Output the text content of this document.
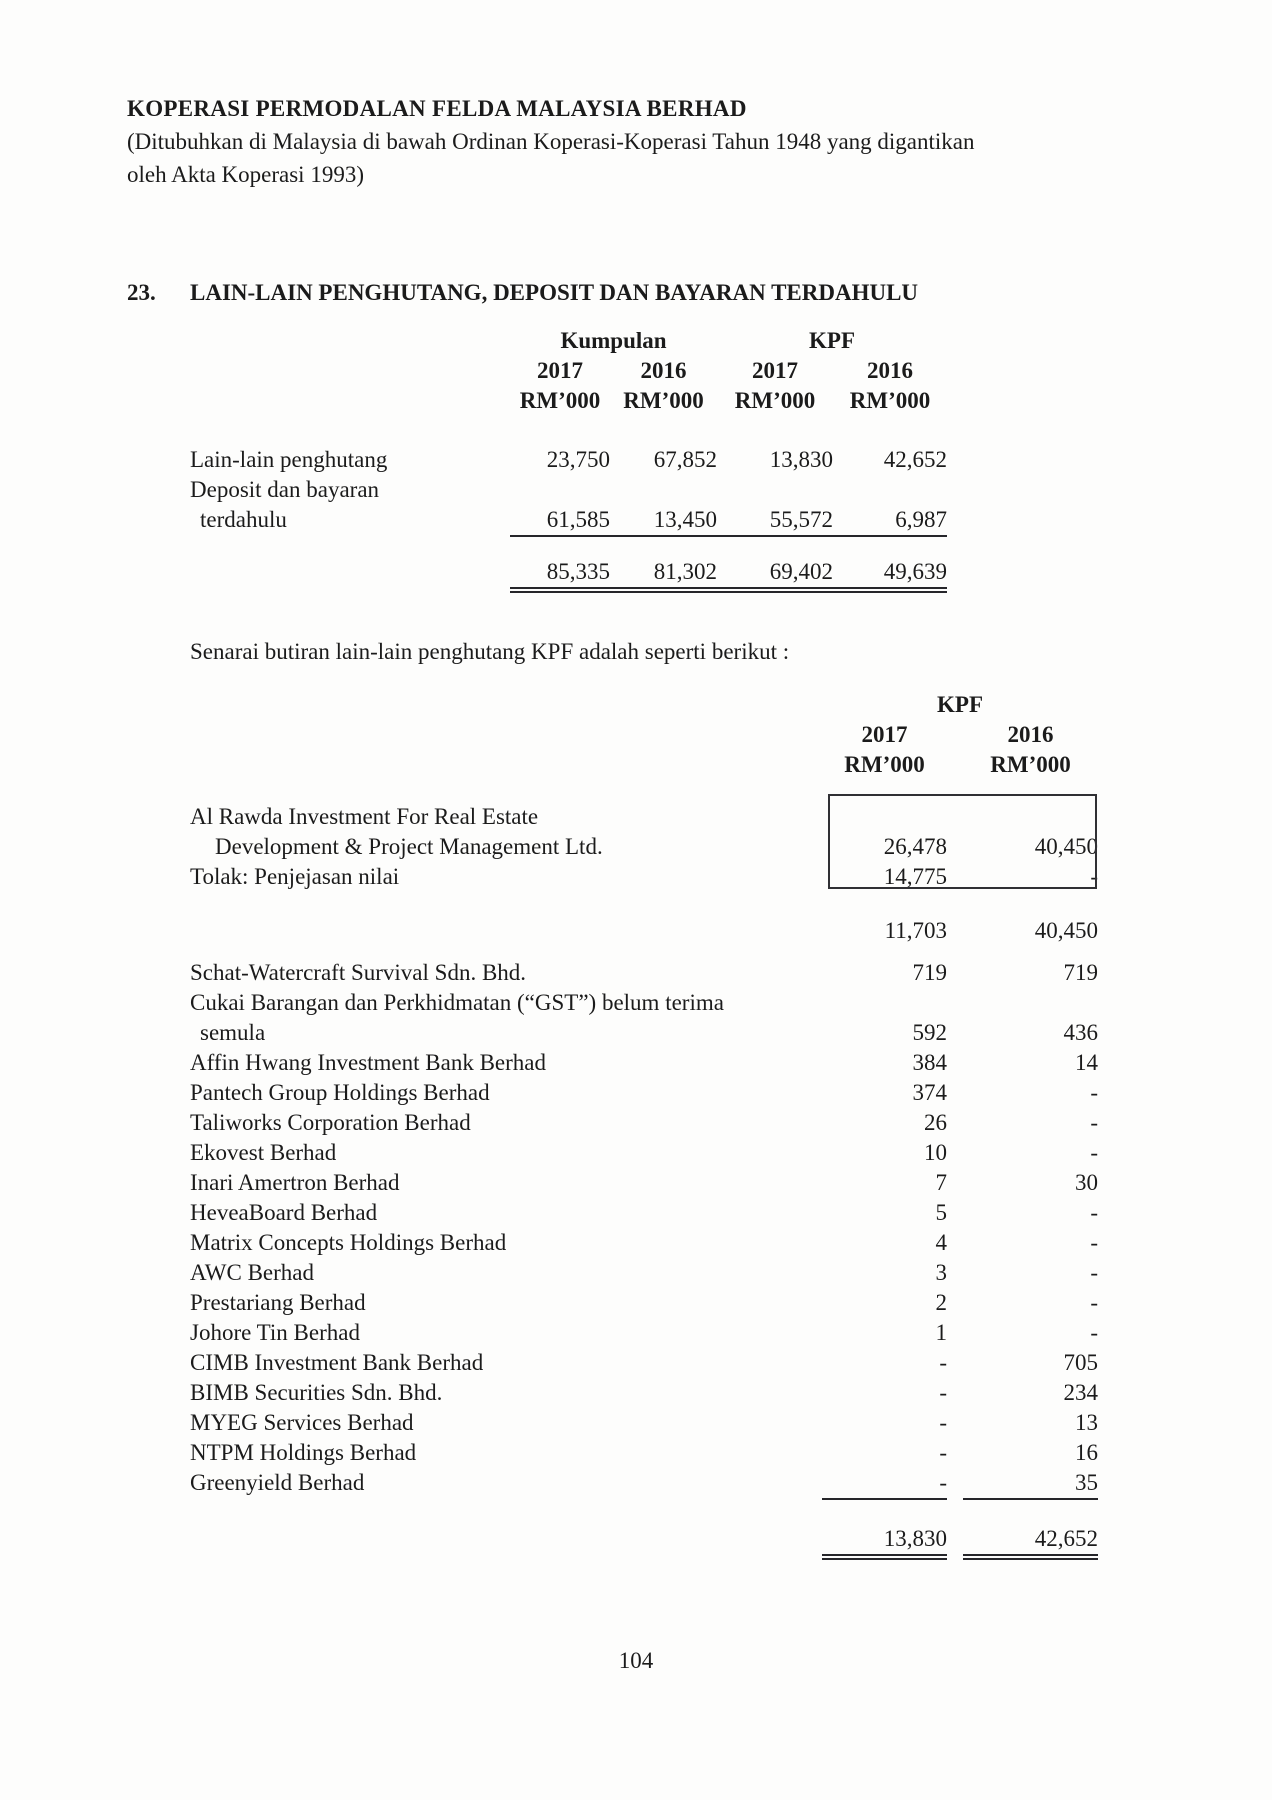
KOPERASI PERMODALAN FELDA MALAYSIA BERHAD
(Ditubuhkan di Malaysia di bawah Ordinan Koperasi-Koperasi Tahun 1948 yang digantikan
oleh Akta Koperasi 1993)
23.	LAIN-LAIN PENGHUTANG, DEPOSIT DAN BAYARAN TERDAHULU
Kumpulan	KPF
2017	2016	2017	2016
RM’000	RM’000	RM’000	RM’000
Lain-lain penghutang	23,750	67,852	13,830	42,652
Deposit dan bayaran
terdahulu	61,585	13,450	55,572	6,987
85,335	81,302	69,402	49,639

Senarai butiran lain-lain penghutang KPF adalah seperti berikut :

KPF
2017	2016
RM’000	RM’000
Al Rawda Investment For Real Estate
Development & Project Management Ltd.	26,478	40,450
Tolak: Penjejasan nilai	14,775	-
11,703	40,450
Schat-Watercraft Survival Sdn. Bhd.	719	719
Cukai Barangan dan Perkhidmatan (“GST”) belum terima
semula	592	436
Affin Hwang Investment Bank Berhad	384	14
Pantech Group Holdings Berhad	374	-
Taliworks Corporation Berhad	26	-
Ekovest Berhad	10	-
Inari Amertron Berhad	7	30
HeveaBoard Berhad	5	-
Matrix Concepts Holdings Berhad	4	-
AWC Berhad	3	-
Prestariang Berhad	2	-
Johore Tin Berhad	1	-
CIMB Investment Bank Berhad	-	705
BIMB Securities Sdn. Bhd.	-	234
MYEG Services Berhad	-	13
NTPM Holdings Berhad	-	16
Greenyield Berhad	-	35
13,830	42,652
104
